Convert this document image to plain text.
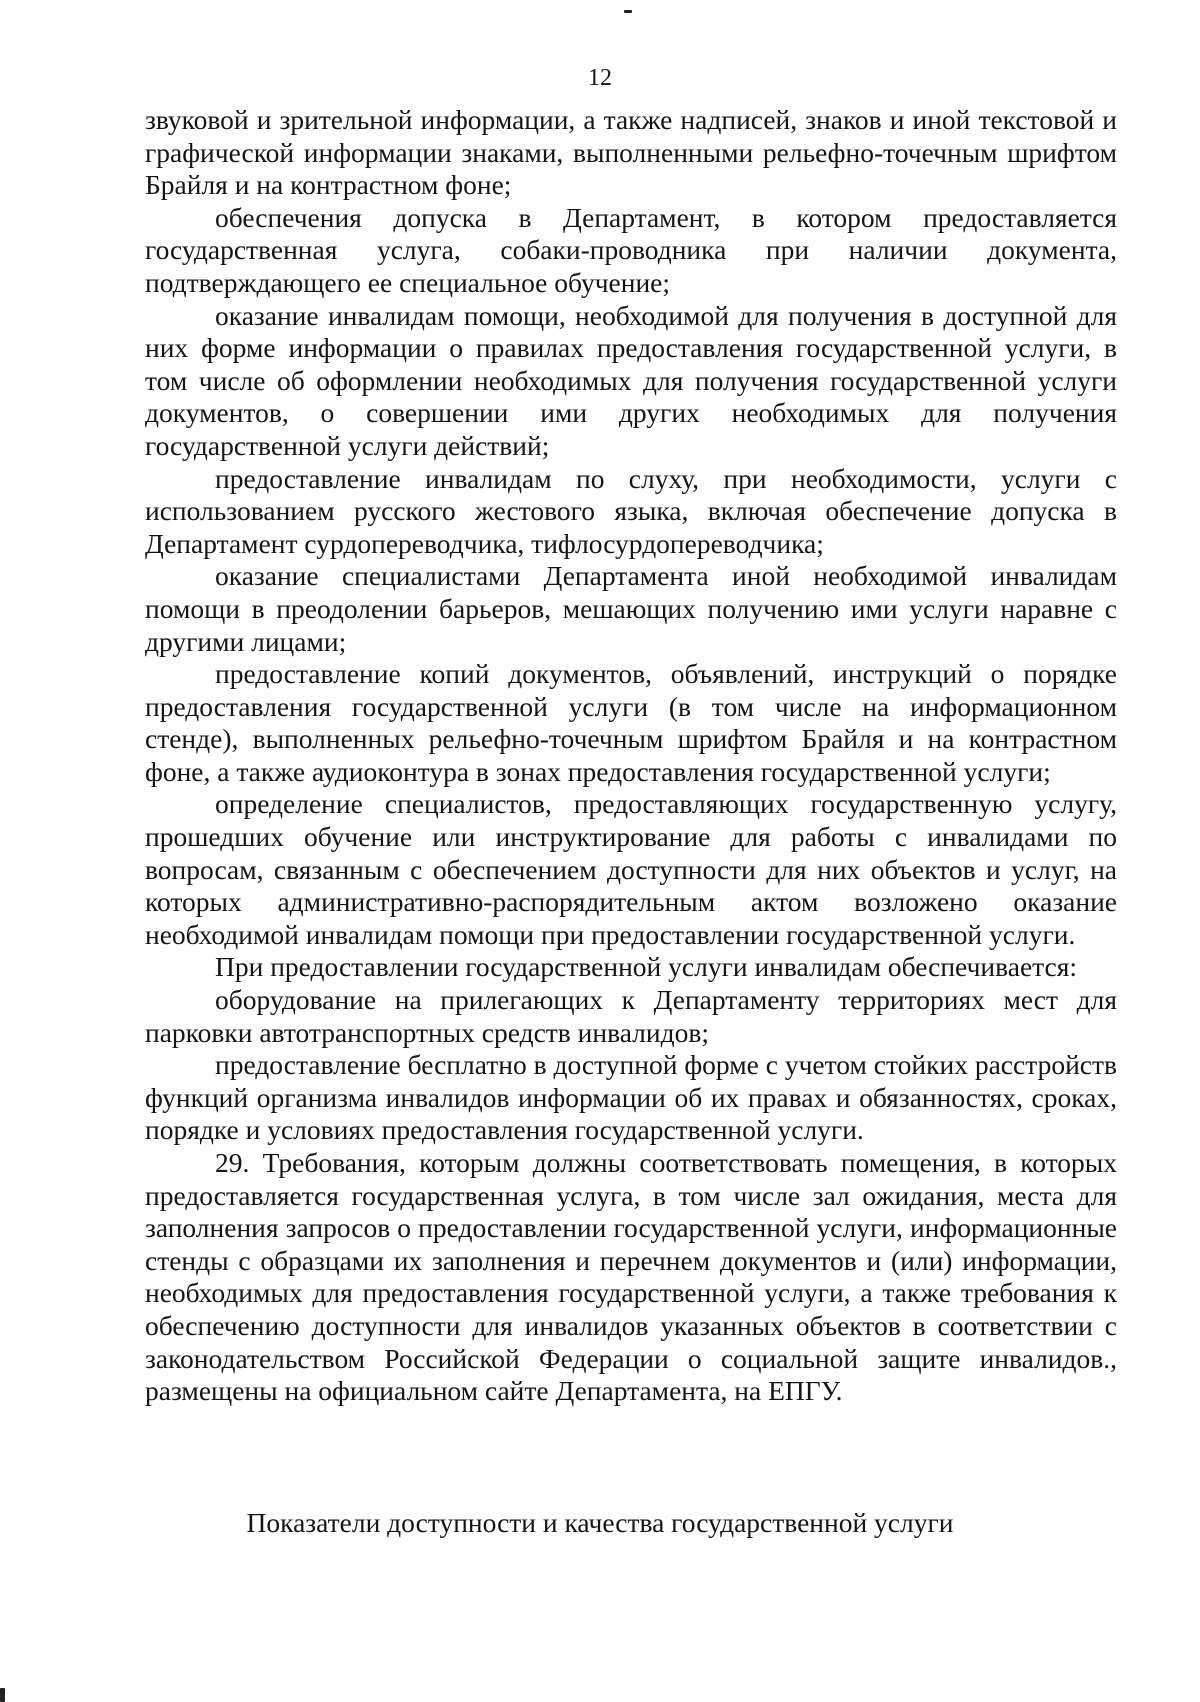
12

звуковой и зрительной информации, а также надписей, знаков и иной текстовой и графической информации знаками, выполненными рельефно-точечным шрифтом Брайля и на контрастном фоне;

обеспечения допуска в Департамент, в котором предоставляется государственная услуга, собаки-проводника при наличии документа, подтверждающего ее специальное обучение;

оказание инвалидам помощи, необходимой для получения в доступной для них форме информации о правилах предоставления государственной услуги, в том числе об оформлении необходимых для получения государственной услуги документов, о совершении ими других необходимых для получения государственной услуги действий;

предоставление инвалидам по слуху, при необходимости, услуги с использованием русского жестового языка, включая обеспечение допуска в Департамент сурдопереводчика, тифлосурдопереводчика;

оказание специалистами Департамента иной необходимой инвалидам помощи в преодолении барьеров, мешающих получению ими услуги наравне с другими лицами;

предоставление копий документов, объявлений, инструкций о порядке предоставления государственной услуги (в том числе на информационном стенде), выполненных рельефно-точечным шрифтом Брайля и на контрастном фоне, а также аудиоконтура в зонах предоставления государственной услуги;

определение специалистов, предоставляющих государственную услугу, прошедших обучение или инструктирование для работы с инвалидами по вопросам, связанным с обеспечением доступности для них объектов и услуг, на которых административно-распорядительным актом возложено оказание необходимой инвалидам помощи при предоставлении государственной услуги.

При предоставлении государственной услуги инвалидам обеспечивается:

оборудование на прилегающих к Департаменту территориях мест для парковки автотранспортных средств инвалидов;

предоставление бесплатно в доступной форме с учетом стойких расстройств функций организма инвалидов информации об их правах и обязанностях, сроках, порядке и условиях предоставления государственной услуги.

29. Требования, которым должны соответствовать помещения, в которых предоставляется государственная услуга, в том числе зал ожидания, места для заполнения запросов о предоставлении государственной услуги, информационные стенды с образцами их заполнения и перечнем документов и (или) информации, необходимых для предоставления государственной услуги, а также требования к обеспечению доступности для инвалидов указанных объектов в соответствии с законодательством Российской Федерации о социальной защите инвалидов., размещены на официальном сайте Департамента, на ЕПГУ.

Показатели доступности и качества государственной услуги
